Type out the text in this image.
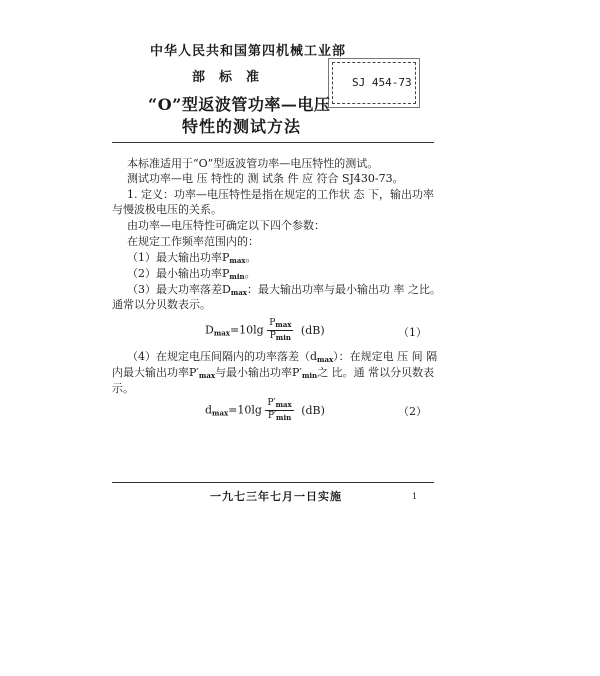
中华人民共和国第四机械工业部
部标准	SJ 454-73
“O”型返波管功率—电压
特性的测试方法
本标准适用于“O”型返波管功率—电压特性的测试。
测试功率—电 压 特性的 测 试条 件 应 符合 SJ430-73。
1. 定义：功率—电压特性是指在规定的工作状 态 下，输出功率
与慢波极电压的关系。
由功率—电压特性可确定以下四个参数：
在规定工作频率范围内的：
（1）最大输出功率$P_{max}$。
（2）最小输出功率$P_{min}$。
（3）最大功率落差$D_{max}$：最大输出功率与最小输出功 率 之比。
通常以分贝数表示。
$D_{max}=10\lg \frac{P_{max}}{P_{min}} (dB)$	（1）
（4）在规定电压间隔内的功率落差$(d_{max})$：在规定电 压 间 隔
内最大输出功率$P'_{max}$与最小输出功率$P'_{min}$之 比。通 常以分贝数表
示。
$d_{max}=10\lg \frac{P'_{max}}{P'_{min}} (dB)$	（2）
一九七三年七月一日实施	1
